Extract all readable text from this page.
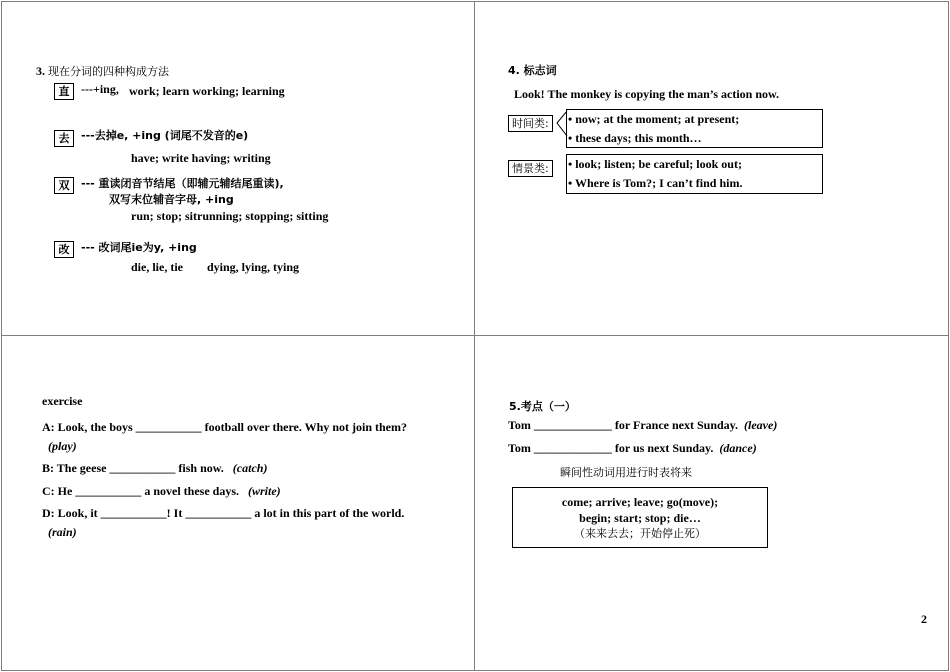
3. 现在分词的四种构成方法
直 ---+ing, work; learn working; learning
去	---去掉e, +ing (词尾不发音的e)
have; write having; writing
双	--- 重读闭音节结尾（即辅元辅结尾重读),
双写末位辅音字母, +ing
run; stop; sitrunning; stopping; sitting
改	--- 改词尾ie为y, +ing
die, lie, tie dying, lying, tying
4. 标志词
Look! The monkey is copying the man’s action now.
时间类:	• now; at the moment; at present;
• these days; this month…
情景类:	• look; listen; be careful; look out;
• Where is Tom?; I can’t find him.
exercise
A: Look, the boys ___________ football over there. Why not join them?
(play)
B: The geese ___________ fish now. (catch)
C: He ___________ a novel these days. (write)
D: Look, it ___________! It ___________ a lot in this part of the world.
(rain)
5.考点（一）
Tom _____________ for France next Sunday. (leave)
Tom _____________ for us next Sunday. (dance)
瞬间性动词用进行时表将来
come; arrive; leave; go(move);
begin; start; stop; die…
（来来去去；开始停止死）
2
